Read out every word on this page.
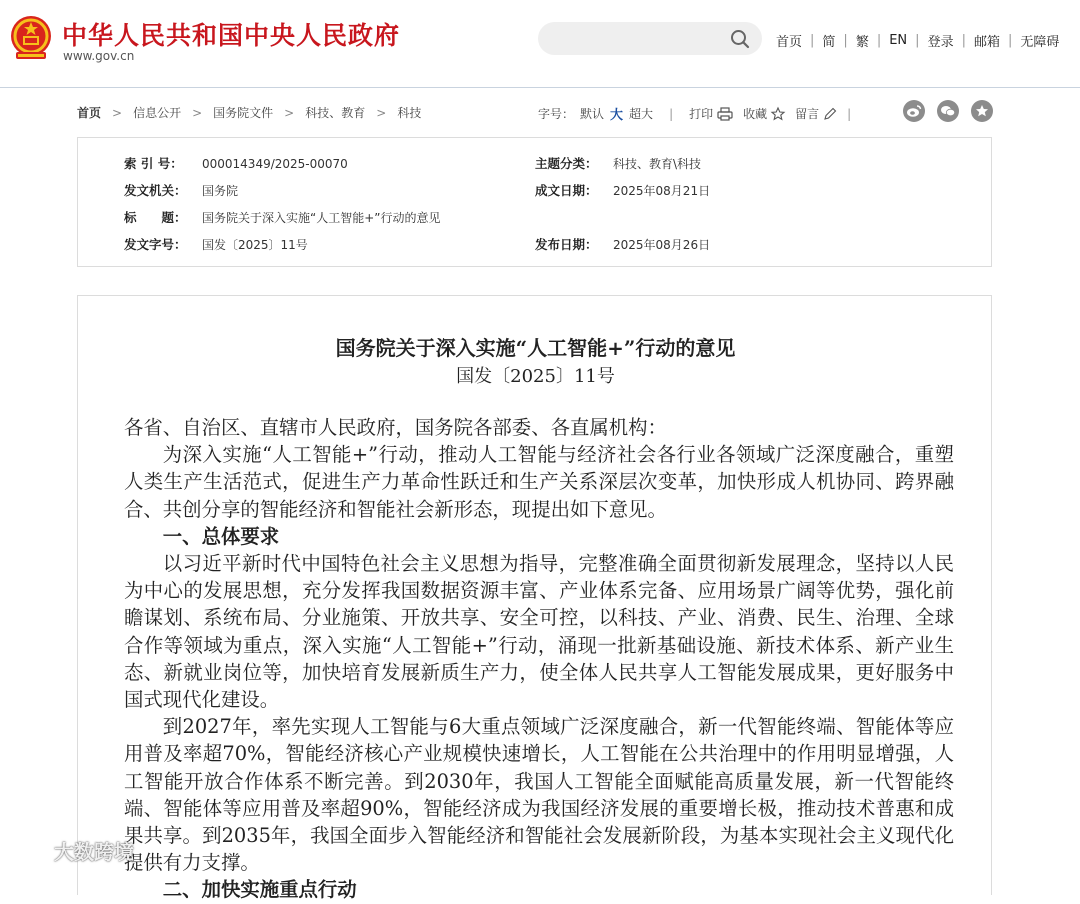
中华人民共和国中央人民政府
www.gov.cn
首页 | 简 | 繁 | EN | 登录 | 邮箱 | 无障碍
首页 > 信息公开 > 国务院文件 > 科技、教育 > 科技	字号： 默认 大 超大 | 打印	收藏 留言 |
索 引 号： 000014349/2025-00070	主题分类： 科技、教育\科技
发文机关： 国务院	成文日期： 2025年08月21日
标　　题： 国务院关于深入实施“人工智能+”行动的意见
发文字号： 国发〔2025〕11号	发布日期： 2025年08月26日
国务院关于深入实施“人工智能+”行动的意见
国发〔2025〕11号

各省、自治区、直辖市人民政府，国务院各部委、各直属机构：

为深入实施“人工智能+”行动，推动人工智能与经济社会各行业各领域广泛深度融合，重塑人类生产生活范式，促进生产力革命性跃迁和生产关系深层次变革，加快形成人机协同、跨界融合、共创分享的智能经济和智能社会新形态，现提出如下意见。

一、总体要求

以习近平新时代中国特色社会主义思想为指导，完整准确全面贯彻新发展理念，坚持以人民为中心的发展思想，充分发挥我国数据资源丰富、产业体系完备、应用场景广阔等优势，强化前瞻谋划、系统布局、分业施策、开放共享、安全可控，以科技、产业、消费、民生、治理、全球合作等领域为重点，深入实施“人工智能+”行动，涌现一批新基础设施、新技术体系、新产业生态、新就业岗位等，加快培育发展新质生产力，使全体人民共享人工智能发展成果，更好服务中国式现代化建设。

到2027年，率先实现人工智能与6大重点领域广泛深度融合，新一代智能终端、智能体等应用普及率超70%，智能经济核心产业规模快速增长，人工智能在公共治理中的作用明显增强，人工智能开放合作体系不断完善。到2030年，我国人工智能全面赋能高质量发展，新一代智能终端、智能体等应用普及率超90%，智能经济成为我国经济发展的重要增长极，推动技术普惠和成果共享。到2035年，我国全面步入智能经济和智能社会发展新阶段，为基本实现社会主义现代化提供有力支撑。

二、加快实施重点行动

大数跨境
